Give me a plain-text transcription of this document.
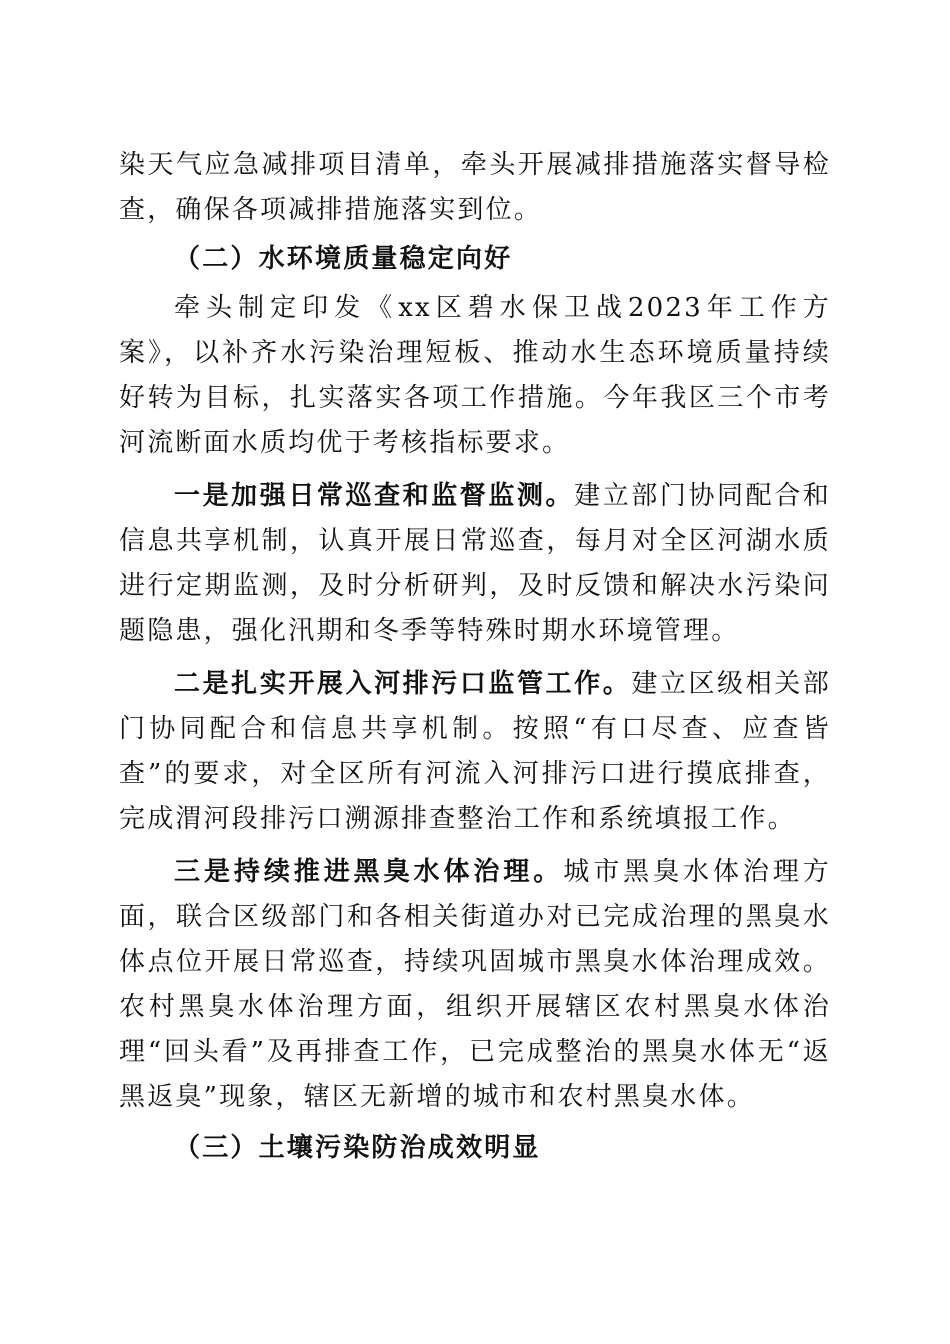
染天气应急减排项目清单，牵头开展减排措施落实督导检查，确保各项减排措施落实到位。

（二）水环境质量稳定向好

牵头制定印发《xx区碧水保卫战2023年工作方案》，以补齐水污染治理短板、推动水生态环境质量持续好转为目标，扎实落实各项工作措施。今年我区三个市考河流断面水质均优于考核指标要求。

一是加强日常巡查和监督监测。建立部门协同配合和信息共享机制，认真开展日常巡查，每月对全区河湖水质进行定期监测，及时分析研判，及时反馈和解决水污染问题隐患，强化汛期和冬季等特殊时期水环境管理。

二是扎实开展入河排污口监管工作。建立区级相关部门协同配合和信息共享机制。按照“有口尽查、应查皆查”的要求，对全区所有河流入河排污口进行摸底排查，完成渭河段排污口溯源排查整治工作和系统填报工作。

三是持续推进黑臭水体治理。城市黑臭水体治理方面，联合区级部门和各相关街道办对已完成治理的黑臭水体点位开展日常巡查，持续巩固城市黑臭水体治理成效。农村黑臭水体治理方面，组织开展辖区农村黑臭水体治理“回头看”及再排查工作，已完成整治的黑臭水体无“返黑返臭”现象，辖区无新增的城市和农村黑臭水体。

（三）土壤污染防治成效明显
